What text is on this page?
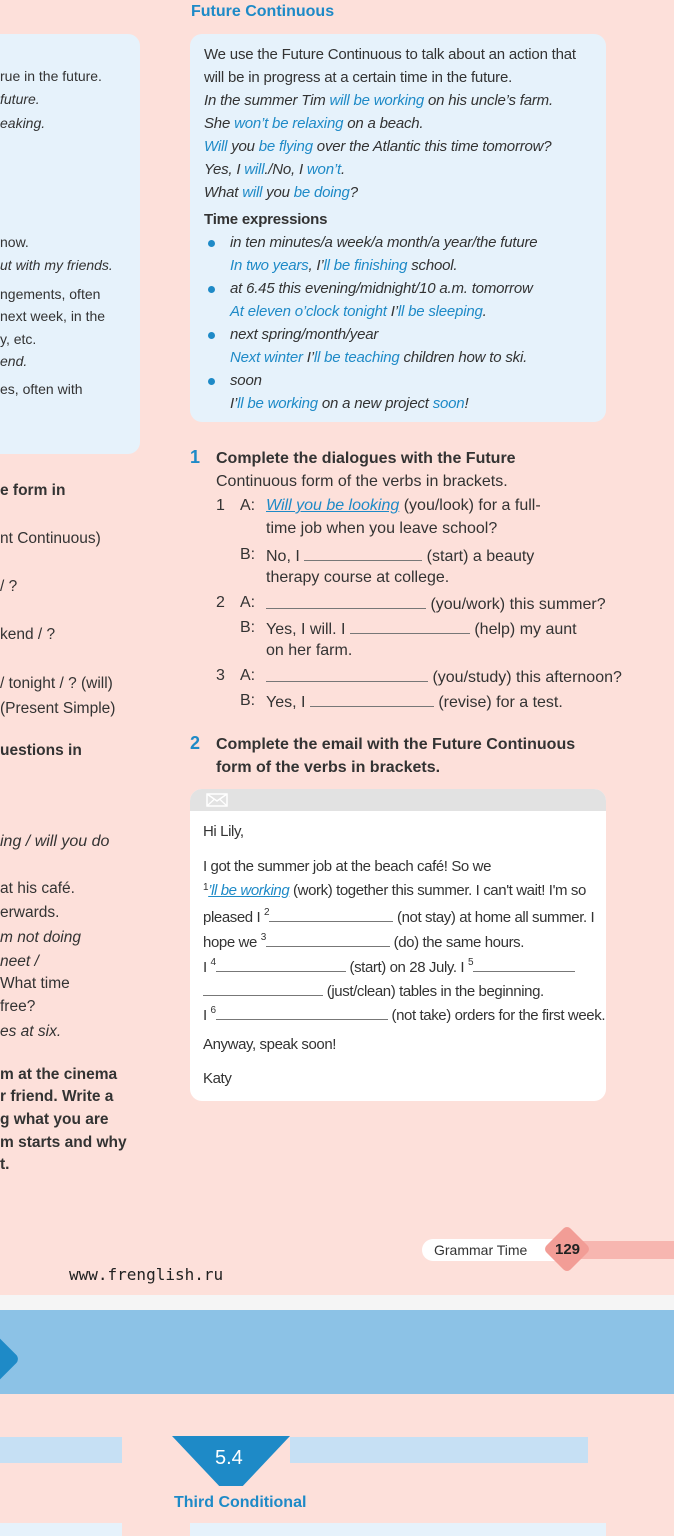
Future Continuous
rue in the future.
future.
eaking.
now.
ut with my friends.
ngements, often
next week, in the
y, etc.
end.
es, often with
e form in
nt Continuous)
/ ?
kend / ?
/ tonight / ? (will)
(Present Simple)
uestions in
ing / will you do
at his café.
erwards.
m not doing
neet /
What time
free?
es at six.
m at the cinema
r friend. Write a
g what you are
m starts and why
t.
We use the Future Continuous to talk about an action that
will be in progress at a certain time in the future.
In the summer Tim will be working on his uncle’s farm.
She won’t be relaxing on a beach.
Will you be flying over the Atlantic this time tomorrow?
Yes, I will./No, I won’t.
What will you be doing?
Time expressions
in ten minutes/a week/a month/a year/the future
In two years, I’ll be finishing school.
at 6.45 this evening/midnight/10 a.m. tomorrow
At eleven o’clock tonight I’ll be sleeping.
next spring/month/year
Next winter I’ll be teaching children how to ski.
soon
I’ll be working on a new project soon!
1 Complete the dialogues with the Future
Continuous form of the verbs in brackets.
1 A: Will you be looking (you/look) for a full-
time job when you leave school?
B: No, I	(start) a beauty
therapy course at college.
2 A:	(you/work) this summer?
B: Yes, I will. I	(help) my aunt
on her farm.
3 A:	(you/study) this afternoon?
B: Yes, I	(revise) for a test.
2 Complete the email with the Future Continuous
form of the verbs in brackets.
Hi Lily,
I got the summer job at the beach café! So we
$^1$’ll be working (work) together this summer. I can't wait! I'm so
pleased I $^2$	(not stay) at home all summer. I
hope we $^3$	(do) the same hours.
I $^4$	(start) on 28 July. I $^5$
(just/clean) tables in the beginning.
I $^6$	(not take) orders for the first week.
Anyway, speak soon!
Katy
Grammar Time 129
www.frenglish.ru
5.4
Third Conditional
